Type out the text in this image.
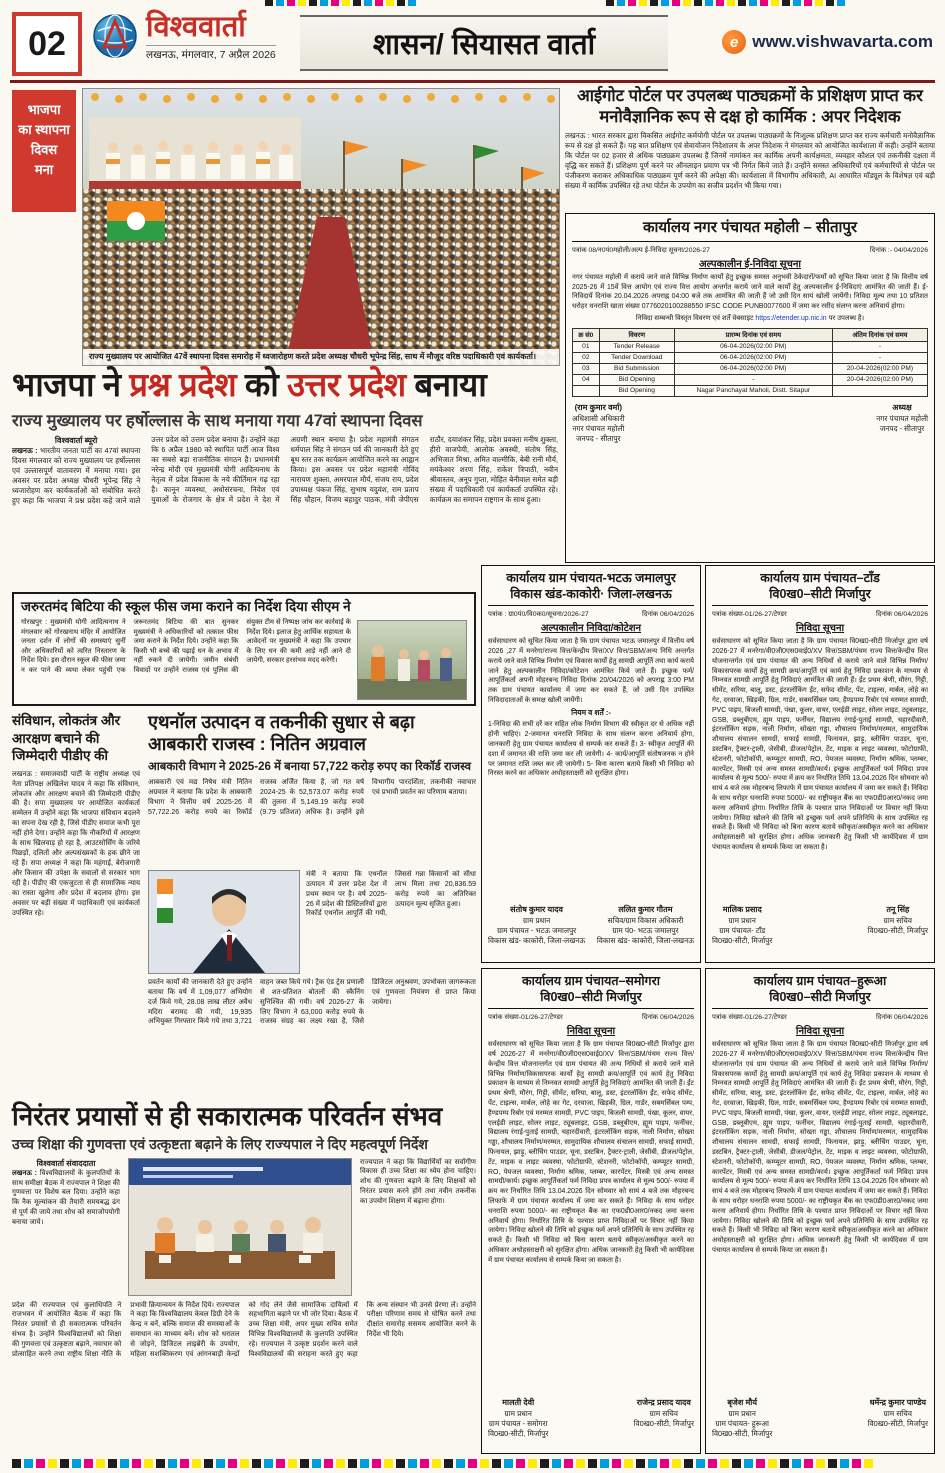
02	विश्ववार्ता
लखनऊ, मंगलवार, 7 अप्रैल 2026	शासन/ सियासत वार्ता	e www.vishwavarta.com
भाजपा
का स्थापना
दिवस
मना
राज्य मुख्यालय पर आयोजित 47वें स्थापना दिवस समारोह में ध्वजारोहण करते प्रदेश अध्यक्ष चौधरी भूपेन्द्र सिंह, साथ में मौजूद वरिष्ठ पदाधिकारी एवं कार्यकर्ता।
आईगोट पोर्टल पर उपलब्ध पाठ्यक्रमों के प्रशिक्षण प्राप्त कर मनोवैज्ञानिक रूप से दक्ष हो कार्मिक : अपर निदेशक
लखनऊ : भारत सरकार द्वारा विकसित आईगोट कर्मयोगी पोर्टल पर उपलब्ध पाठ्यक्रमों के निःशुल्क प्रशिक्षण प्राप्त कर राज्य कर्मचारी मनोवैज्ञानिक रूप से दक्ष हो सकते हैं। यह बात प्रशिक्षण एवं सेवायोजन निदेशालय के अपर निदेशक ने मंगलवार को आयोजित कार्यशाला में कही। उन्होंने बताया कि पोर्टल पर 02 हजार से अधिक पाठ्यक्रम उपलब्ध हैं जिनमें नामांकन कर कार्मिक अपनी कार्यक्षमता, व्यवहार कौशल एवं तकनीकी दक्षता में वृद्धि कर सकते हैं। प्रशिक्षण पूर्ण करने पर ऑनलाइन प्रमाण पत्र भी निर्गत किये जाते हैं। उन्होंने समस्त अधिकारियों एवं कर्मचारियों से पोर्टल पर पंजीकरण कराकर अधिकाधिक पाठ्यक्रम पूर्ण करने की अपेक्षा की। कार्यशाला में विभागीय अधिकारी, AI आधारित मॉड्यूल के विशेषज्ञ एवं बड़ी संख्या में कार्मिक उपस्थित रहे तथा पोर्टल के उपयोग का सजीव प्रदर्शन भी किया गया।
कार्यालय नगर पंचायत महोली – सीतापुर
पत्रांक 08/न0पं0महोली/अल्प ई-निविदा सूचना/2026-27	दिनांक :- 04/04/2026
अल्पकालीन ई-निविदा सूचना
नगर पंचायत महोली में कराये जाने वाले विभिन्न निर्माण कार्यों हेतु इच्छुक समस्त अनुभवी ठेकेदारों/फर्मों को सूचित किया जाता है कि वित्तीय वर्ष 2025-26 में 15वें वित्त आयोग एवं राज्य वित्त आयोग अन्तर्गत कराये जाने वाले कार्यों हेतु अल्पकालीन ई-निविदाएं आमंत्रित की जाती हैं। ई-निविदायें दिनांक 20.04.2026 अपराह्न 04:00 बजे तक आमंत्रित की जाती हैं जो उसी दिन सायं खोली जायेंगी। निविदा मूल्य तथा 10 प्रतिशत धरोहर धनराशि खाता संख्या 0776020100288550 IFSC CODE PUNB0077600 में जमा कर रसीद संलग्न करना अनिवार्य होगा।
निविदा सम्बन्धी विस्तृत विवरण एवं शर्तें वेबसाइट https://etender.up.nic.in पर उपलब्ध है।
क्र सं0	विवरण	प्रारम्भ दिनांक एवं समय	अंतिम दिनांक एवं समय
01	Tender Release	06-04-2026(02:00 PM)	-
02	Tender Download	06-04-2026(02:00 PM)	-
03	Bid Submission	06-04-2026(02:00 PM)	20-04-2026(02:00 PM)
04	Bid Opening	-	20-04-2026(02:00 PM)
	Bid Opening	Nagar Panchayat Maholi, Distt. Sitapur	
(राम कुमार वर्मा)
अधिशासी अधिकारी
नगर पंचायत महोली
जनपद - सीतापुर
अध्यक्ष
नगर पंचायत महोली
जनपद - सीतापुर
भाजपा ने प्रश्न प्रदेश को उत्तर प्रदेश बनाया
राज्य मुख्यालय पर हर्षोल्लास के साथ मनाया गया 47वां स्थापना दिवस
विश्ववार्ता ब्यूरो
लखनऊ : भारतीय जनता पार्टी का 47वां स्थापना दिवस मंगलवार को राज्य मुख्यालय पर हर्षोल्लास एवं उल्लासपूर्ण वातावरण में मनाया गया। इस अवसर पर प्रदेश अध्यक्ष चौधरी भूपेन्द्र सिंह ने ध्वजारोहण कर कार्यकर्ताओं को संबोधित करते हुए कहा कि भाजपा ने प्रश्न प्रदेश कहे जाने वाले उत्तर प्रदेश को उत्तम प्रदेश बनाया है। उन्होंने कहा कि 6 अप्रैल 1980 को स्थापित पार्टी आज विश्व का सबसे बड़ा राजनीतिक संगठन है। प्रधानमंत्री नरेन्द्र मोदी एवं मुख्यमंत्री योगी आदित्यनाथ के नेतृत्व में प्रदेश विकास के नये कीर्तिमान गढ़ रहा है। कानून व्यवस्था, अधोसंरचना, निवेश एवं युवाओं के रोजगार के क्षेत्र में प्रदेश ने देश में अग्रणी स्थान बनाया है। प्रदेश महामंत्री संगठन धर्मपाल सिंह ने संगठन पर्व की जानकारी देते हुए बूथ स्तर तक कार्यक्रम आयोजित करने का आह्वान किया। इस अवसर पर प्रदेश महामंत्री गोविंद नारायण शुक्ला, अमरपाल मौर्य, संजय राय, प्रदेश उपाध्यक्ष पंकज सिंह, सुभाष यदुवंश, राम प्रताप सिंह चौहान, विजय बहादुर पाठक, मंत्री जेपीएस राठौर, दयाशंकर सिंह, प्रदेश प्रवक्ता मनीष शुक्ला, हीरो वाजपेयी, आलोक अवस्थी, संतोष सिंह, अभिजात मिश्रा, अमित वाल्मीकि, बेबी रानी मौर्य, मयंकेश्वर शरण सिंह, राकेश त्रिपाठी, नवीन श्रीवास्तव, अनूप गुप्ता, मोहित बेनीवाल समेत बड़ी संख्या में पदाधिकारी एवं कार्यकर्ता उपस्थित रहे। कार्यक्रम का समापन राष्ट्रगान के साथ हुआ।
जरुरतमंद बिटिया की स्कूल फीस जमा कराने का निर्देश दिया सीएम ने
गोरखपुर : मुख्यमंत्री योगी आदित्यनाथ ने मंगलवार को गोरखनाथ मंदिर में आयोजित जनता दर्शन में लोगों की समस्याएं सुनीं और अधिकारियों को त्वरित निस्तारण के निर्देश दिये। इस दौरान स्कूल की फीस जमा न कर पाने की व्यथा लेकर पहुंची एक जरूरतमंद बिटिया की बात सुनकर मुख्यमंत्री ने अधिकारियों को तत्काल फीस जमा कराने के निर्देश दिये। उन्होंने कहा कि किसी भी बच्चे की पढ़ाई धन के अभाव में नहीं रुकने दी जायेगी। जमीन संबंधी विवादों पर उन्होंने राजस्व एवं पुलिस की संयुक्त टीम से निष्पक्ष जांच कर कार्रवाई के निर्देश दिये। इलाज हेतु आर्थिक सहायता के आवेदनों पर मुख्यमंत्री ने कहा कि उपचार के लिए धन की कमी आड़े नहीं आने दी जायेगी, सरकार हरसंभव मदद करेगी।
संविधान, लोकतंत्र और आरक्षण बचाने की जिम्मेदारी पीडीए की
लखनऊ : समाजवादी पार्टी के राष्ट्रीय अध्यक्ष एवं नेता प्रतिपक्ष अखिलेश यादव ने कहा कि संविधान, लोकतंत्र और आरक्षण बचाने की जिम्मेदारी पीडीए की है। सपा मुख्यालय पर आयोजित कार्यकर्ता सम्मेलन में उन्होंने कहा कि भाजपा संविधान बदलने का सपना देख रही है, जिसे पीडीए समाज कभी पूरा नहीं होने देगा। उन्होंने कहा कि नौकरियों में आरक्षण के साथ खिलवाड़ हो रहा है, आउटसोर्सिंग के जरिये पिछड़ों, दलितों और अल्पसंख्यकों के हक छीने जा रहे हैं। सपा अध्यक्ष ने कहा कि महंगाई, बेरोजगारी और किसान की उपेक्षा के सवालों से सरकार भाग रही है। पीडीए की एकजुटता से ही सामाजिक न्याय का रास्ता खुलेगा और प्रदेश में बदलाव होगा। इस अवसर पर बड़ी संख्या में पदाधिकारी एवं कार्यकर्ता उपस्थित रहे।
एथनॉल उत्पादन व तकनीकी सुधार से बढ़ा आबकारी राजस्व : नितिन अग्रवाल
आबकारी विभाग ने 2025-26 में बनाया 57,722 करोड़ रुपए का रिकॉर्ड राजस्व
आबकारी एवं मद्य निषेध मंत्री नितिन अग्रवाल ने बताया कि प्रदेश के आबकारी विभाग ने वित्तीय वर्ष 2025-26 में 57,722.26 करोड़ रुपये का रिकॉर्ड राजस्व अर्जित किया है, जो गत वर्ष 2024-25 के 52,573.07 करोड़ रुपये की तुलना में 5,149.19 करोड़ रुपये (9.79 प्रतिशत) अधिक है। उन्होंने इसे विभागीय पारदर्शिता, तकनीकी नवाचार एवं प्रभावी प्रवर्तन का परिणाम बताया।
मंत्री ने बताया कि एथनॉल उत्पादन में उत्तर प्रदेश देश में प्रथम स्थान पर है। वर्ष 2025-26 में प्रदेश की डिस्टिलरियों द्वारा रिकॉर्ड एथनॉल आपूर्ति की गयी, जिससे गन्ना किसानों को सीधा लाभ मिला तथा 20,836.59 करोड़ रुपये का अतिरिक्त उत्पादन मूल्य सृजित हुआ।
प्रवर्तन कार्यों की जानकारी देते हुए उन्होंने बताया कि वर्ष में 1,09,077 अभियोग दर्ज किये गये, 28.08 लाख लीटर अवैध मदिरा बरामद की गयी, 19,935 अभियुक्त गिरफ्तार किये गये तथा 3,721 वाहन जब्त किये गये। ट्रैक एंड ट्रेस प्रणाली से शत-प्रतिशत बोतलों की स्कैनिंग सुनिश्चित की गयी। वर्ष 2026-27 के लिए विभाग ने 63,000 करोड़ रुपये के राजस्व संग्रह का लक्ष्य रखा है, जिसे डिजिटल अनुश्रवण, उपभोक्ता जागरूकता एवं गुणवत्ता नियंत्रण से प्राप्त किया जायेगा।
निरंतर प्रयासों से ही सकारात्मक परिवर्तन संभव
उच्च शिक्षा की गुणवत्ता एवं उत्कृष्टता बढ़ाने के लिए राज्यपाल ने दिए महत्वपूर्ण निर्देश
विश्ववार्ता संवाददाता
लखनऊ : विश्वविद्यालयों के कुलपतियों के साथ समीक्षा बैठक में राज्यपाल ने शिक्षा की गुणवत्ता पर विशेष बल दिया। उन्होंने कहा कि नैक मूल्यांकन की तैयारी समयबद्ध ढंग से पूर्ण की जाये तथा शोध को समाजोपयोगी बनाया जाये।
राज्यपाल ने कहा कि विद्यार्थियों का सर्वांगीण विकास ही उच्च शिक्षा का ध्येय होना चाहिए। शोध की गुणवत्ता बढ़ाने के लिए शिक्षकों को निरंतर प्रयास करने होंगे तथा नवीन तकनीक का उपयोग शिक्षण में बढ़ाना होगा।
प्रदेश की राज्यपाल एवं कुलाधिपति ने राजभवन में आयोजित बैठक में कहा कि निरंतर प्रयासों से ही सकारात्मक परिवर्तन संभव है। उन्होंने विश्वविद्यालयों को शिक्षा की गुणवत्ता एवं उत्कृष्टता बढ़ाने, नवाचार को प्रोत्साहित करने तथा राष्ट्रीय शिक्षा नीति के प्रभावी क्रियान्वयन के निर्देश दिये। राज्यपाल ने कहा कि विश्वविद्यालय केवल डिग्री देने के केन्द्र न बनें, बल्कि समाज की समस्याओं के समाधान का माध्यम बनें। शोध को धरातल से जोड़ने, डिजिटल लाइब्रेरी के उपयोग, महिला सशक्तिकरण एवं आंगनबाड़ी केन्द्रों को गोद लेने जैसे सामाजिक दायित्वों में सहभागिता बढ़ाने पर भी जोर दिया। बैठक में उच्च शिक्षा मंत्री, अपर मुख्य सचिव समेत विभिन्न विश्वविद्यालयों के कुलपति उपस्थित रहे। राज्यपाल ने उत्कृष्ट प्रदर्शन करने वाले विश्वविद्यालयों की सराहना करते हुए कहा कि अन्य संस्थान भी उनसे प्रेरणा लें। उन्होंने परीक्षा परिणाम समय से घोषित करने तथा दीक्षांत समारोह ससमय आयोजित करने के निर्देश भी दिये।
कार्यालय ग्राम पंचायत-भटऊ जमालपुर
विकास खंड-काकोरी· जिला-लखनऊ
पत्रांक : ग्रा0पं0/वि0क0/सूचना/2026-27	दिनांक 06/04/2026
अल्पकालीन निविदा/कोटेशन
सर्वसाधारण को सूचित किया जाता है कि ग्राम पंचायत भटऊ जमालपुर में वित्तीय वर्ष 2026 ,27 में मनरेगा/राज्य वित्त/केन्द्रीय वित्त/XV वित्त/SBM/अन्य निधि अन्तर्गत कराये जाने वाले विभिन्न निर्माण एवं विकास कार्यों हेतु सामग्री आपूर्ति तथा कार्य कराये जाने हेतु अल्पकालीन निविदा/कोटेशन आमंत्रित किये जाते हैं। इच्छुक फर्म/आपूर्तिकर्ता अपनी मोहरबन्द निविदा दिनांक 20/04/2026 को अपराह्न 3:00 PM तक ग्राम पंचायत कार्यालय में जमा कर सकते हैं, जो उसी दिन उपस्थित निविदादाताओं के समक्ष खोली जायेंगी।
नियम व शर्तें :-
1-निविदा की सभी दरें कर सहित लोक निर्माण विभाग की स्वीकृत दर से अधिक नहीं होनी चाहिए। 2-जमानत धनराशि निविदा के साथ संलग्न करना अनिवार्य होगा, जानकारी हेतु ग्राम पंचायत कार्यालय से सम्पर्क कर सकते हैं। 3- स्वीकृत आपूर्ति की दशा में जमानत की राशि जमा कर ली जायेगी। 4- कार्य/आपूर्ति संतोषजनक न होने पर जमानत राशि जब्त कर ली जायेगी। 5- बिना कारण बताये किसी भी निविदा को निरस्त करने का अधिकार अधोहस्ताक्षरी को सुरक्षित होगा।
संतोष कुमार यादव
ग्राम प्रधान
ग्राम पंचायत - भटऊ जमालपुर
विकास खंड- काकोरी, जिला-लखनऊ
ललित कुमार गौतम
सचिव/ग्राम विकास अधिकारी
ग्राम पं0- भटऊ जमालपुर
विकास खंड- काकोरी, जिला-लखनऊ
कार्यालय ग्राम पंचायत–टाँड
वि0ख0–सीटी मिर्जापुर
पत्रांक संख्या-01/26-27/टेण्डर	दिनांक 06/04/2026
निविदा सूचना
सर्वसाधारण को सूचित किया जाता है कि ग्राम पंचायत वि0ख0-सीटी मिर्जापुर द्वारा वर्ष 2026-27 में मनरेगा/वी0जी0एस0वाई0/XV वित्त/SBM/पंचम राज्य वित्त/केन्द्रीय वित्त योजनान्तर्गत एवं ग्राम पंचायत की अन्य निधियों से कराये जाने वाले विभिन्न निर्माण/विकासपरक कार्यों हेतु सामग्री क्रय/आपूर्ति एवं कार्य हेतु निविदा प्रकाशन के माध्यम से निम्नवत सामग्री आपूर्ति हेतु निविदाएं आमंत्रित की जाती हैं। ईंट प्रथम श्रेणी, मौरंग, गिट्टी, सीमेंट, सरिया, बालू, डस्ट, इंटरलॉकिंग ईंट, सफेद सीमेंट, पेंट, टाइल्स, मार्बल, लोहे का गेट, दरवाजा, खिड़की, ग्रिल, गार्डर, सबमर्सिबल पम्प, हैण्डपम्प रिबोर एवं मरम्मत सामग्री, PVC पाइप, बिजली सामग्री, पंखा, कूलर, वायर, एलईडी लाइट, सोलर लाइट, ट्यूबलाइट, GSB, डब्लूबीएम, ह्यूम पाइप, फर्नीचर, विद्यालय रंगाई-पुताई सामग्री, चहारदीवारी, इंटरलॉकिंग सड़क, नाली निर्माण, सोख्ता गड्ढा, शौचालय निर्माण/मरम्मत, सामुदायिक शौचालय संचालन सामग्री, सफाई सामग्री, फिनायल, झाड़ू, ब्लीचिंग पाउडर, चूना, डस्टबिन, ट्रैक्टर-ट्राली, जेसीबी, डीजल/पेट्रोल, टेंट, माइक व लाइट व्यवस्था, फोटोग्राफी, स्टेशनरी, फोटोकॉपी, कम्प्यूटर सामग्री, RO, पेयजल व्यवस्था, निर्माण श्रमिक, प्लम्बर, कारपेंटर, मिस्त्री एवं अन्य समस्त सामग्री/कार्य। इच्छुक आपूर्तिकर्ता फर्म निविदा प्रपत्र कार्यालय से मूल्य 500/- रुपया में क्रय कर निर्धारित तिथि 13.04.2026 दिन सोमवार को सायं 4 बजे तक मोहरबन्द लिफाफे में ग्राम पंचायत कार्यालय में जमा कर सकते हैं। निविदा के साथ धरोहर धनराशि रुपया 5000/- का राष्ट्रीयकृत बैंक का एफ0डी0आर0/नकद जमा करना अनिवार्य होगा। निर्धारित तिथि के पश्चात प्राप्त निविदाओं पर विचार नहीं किया जायेगा। निविदा खोलने की तिथि को इच्छुक फर्म अपने प्रतिनिधि के साथ उपस्थित रह सकते हैं। किसी भी निविदा को बिना कारण बताये स्वीकृत/अस्वीकृत करने का अधिकार अधोहस्ताक्षरी को सुरक्षित होगा। अधिक जानकारी हेतु किसी भी कार्यदिवस में ग्राम पंचायत कार्यालय से सम्पर्क किया जा सकता है।
मालिक प्रसाद
ग्राम प्रधान
ग्राम पंचायत- टाँड
वि0ख0-सीटी, मिर्जापुर
तनू सिंह
ग्राम सचिव
वि0ख0-सीटी, मिर्जापुर
कार्यालय ग्राम पंचायत–समोगरा
वि0ख0–सीटी मिर्जापुर
पत्रांक संख्या-01/26-27/टेण्डर	दिनांक 06/04/2026
निविदा सूचना
सर्वसाधारण को सूचित किया जाता है कि ग्राम पंचायत वि0ख0-सीटी मिर्जापुर द्वारा वर्ष 2026-27 में मनरेगा/वी0जी0एस0वाई0/XV वित्त/SBM/पंचम राज्य वित्त/केन्द्रीय वित्त योजनान्तर्गत एवं ग्राम पंचायत की अन्य निधियों से कराये जाने वाले विभिन्न निर्माण/विकासपरक कार्यों हेतु सामग्री क्रय/आपूर्ति एवं कार्य हेतु निविदा प्रकाशन के माध्यम से निम्नवत सामग्री आपूर्ति हेतु निविदाएं आमंत्रित की जाती हैं। ईंट प्रथम श्रेणी, मौरंग, गिट्टी, सीमेंट, सरिया, बालू, डस्ट, इंटरलॉकिंग ईंट, सफेद सीमेंट, पेंट, टाइल्स, मार्बल, लोहे का गेट, दरवाजा, खिड़की, ग्रिल, गार्डर, सबमर्सिबल पम्प, हैण्डपम्प रिबोर एवं मरम्मत सामग्री, PVC पाइप, बिजली सामग्री, पंखा, कूलर, वायर, एलईडी लाइट, सोलर लाइट, ट्यूबलाइट, GSB, डब्लूबीएम, ह्यूम पाइप, फर्नीचर, विद्यालय रंगाई-पुताई सामग्री, चहारदीवारी, इंटरलॉकिंग सड़क, नाली निर्माण, सोख्ता गड्ढा, शौचालय निर्माण/मरम्मत, सामुदायिक शौचालय संचालन सामग्री, सफाई सामग्री, फिनायल, झाड़ू, ब्लीचिंग पाउडर, चूना, डस्टबिन, ट्रैक्टर-ट्राली, जेसीबी, डीजल/पेट्रोल, टेंट, माइक व लाइट व्यवस्था, फोटोग्राफी, स्टेशनरी, फोटोकॉपी, कम्प्यूटर सामग्री, RO, पेयजल व्यवस्था, निर्माण श्रमिक, प्लम्बर, कारपेंटर, मिस्त्री एवं अन्य समस्त सामग्री/कार्य। इच्छुक आपूर्तिकर्ता फर्म निविदा प्रपत्र कार्यालय से मूल्य 500/- रुपया में क्रय कर निर्धारित तिथि 13.04.2026 दिन सोमवार को सायं 4 बजे तक मोहरबन्द लिफाफे में ग्राम पंचायत कार्यालय में जमा कर सकते हैं। निविदा के साथ धरोहर धनराशि रुपया 5000/- का राष्ट्रीयकृत बैंक का एफ0डी0आर0/नकद जमा करना अनिवार्य होगा। निर्धारित तिथि के पश्चात प्राप्त निविदाओं पर विचार नहीं किया जायेगा। निविदा खोलने की तिथि को इच्छुक फर्म अपने प्रतिनिधि के साथ उपस्थित रह सकते हैं। किसी भी निविदा को बिना कारण बताये स्वीकृत/अस्वीकृत करने का अधिकार अधोहस्ताक्षरी को सुरक्षित होगा। अधिक जानकारी हेतु किसी भी कार्यदिवस में ग्राम पंचायत कार्यालय से सम्पर्क किया जा सकता है।
मालती देवी
ग्राम प्रधान
ग्राम पंचायत - समोगरा
वि0ख0-सीटी, मिर्जापुर
राजेन्द्र प्रसाद यादव
ग्राम सचिव
वि0ख0-सीटी, मिर्जापुर
कार्यालय ग्राम पंचायत–हुरूआ
वि0ख0–सीटी मिर्जापुर
पत्रांक संख्या-01/26-27/टेण्डर	दिनांक 06/04/2026
निविदा सूचना
सर्वसाधारण को सूचित किया जाता है कि ग्राम पंचायत वि0ख0-सीटी मिर्जापुर द्वारा वर्ष 2026-27 में मनरेगा/वी0जी0एस0वाई0/XV वित्त/SBM/पंचम राज्य वित्त/केन्द्रीय वित्त योजनान्तर्गत एवं ग्राम पंचायत की अन्य निधियों से कराये जाने वाले विभिन्न निर्माण/विकासपरक कार्यों हेतु सामग्री क्रय/आपूर्ति एवं कार्य हेतु निविदा प्रकाशन के माध्यम से निम्नवत सामग्री आपूर्ति हेतु निविदाएं आमंत्रित की जाती हैं। ईंट प्रथम श्रेणी, मौरंग, गिट्टी, सीमेंट, सरिया, बालू, डस्ट, इंटरलॉकिंग ईंट, सफेद सीमेंट, पेंट, टाइल्स, मार्बल, लोहे का गेट, दरवाजा, खिड़की, ग्रिल, गार्डर, सबमर्सिबल पम्प, हैण्डपम्प रिबोर एवं मरम्मत सामग्री, PVC पाइप, बिजली सामग्री, पंखा, कूलर, वायर, एलईडी लाइट, सोलर लाइट, ट्यूबलाइट, GSB, डब्लूबीएम, ह्यूम पाइप, फर्नीचर, विद्यालय रंगाई-पुताई सामग्री, चहारदीवारी, इंटरलॉकिंग सड़क, नाली निर्माण, सोख्ता गड्ढा, शौचालय निर्माण/मरम्मत, सामुदायिक शौचालय संचालन सामग्री, सफाई सामग्री, फिनायल, झाड़ू, ब्लीचिंग पाउडर, चूना, डस्टबिन, ट्रैक्टर-ट्राली, जेसीबी, डीजल/पेट्रोल, टेंट, माइक व लाइट व्यवस्था, फोटोग्राफी, स्टेशनरी, फोटोकॉपी, कम्प्यूटर सामग्री, RO, पेयजल व्यवस्था, निर्माण श्रमिक, प्लम्बर, कारपेंटर, मिस्त्री एवं अन्य समस्त सामग्री/कार्य। इच्छुक आपूर्तिकर्ता फर्म निविदा प्रपत्र कार्यालय से मूल्य 500/- रुपया में क्रय कर निर्धारित तिथि 13.04.2026 दिन सोमवार को सायं 4 बजे तक मोहरबन्द लिफाफे में ग्राम पंचायत कार्यालय में जमा कर सकते हैं। निविदा के साथ धरोहर धनराशि रुपया 5000/- का राष्ट्रीयकृत बैंक का एफ0डी0आर0/नकद जमा करना अनिवार्य होगा। निर्धारित तिथि के पश्चात प्राप्त निविदाओं पर विचार नहीं किया जायेगा। निविदा खोलने की तिथि को इच्छुक फर्म अपने प्रतिनिधि के साथ उपस्थित रह सकते हैं। किसी भी निविदा को बिना कारण बताये स्वीकृत/अस्वीकृत करने का अधिकार अधोहस्ताक्षरी को सुरक्षित होगा। अधिक जानकारी हेतु किसी भी कार्यदिवस में ग्राम पंचायत कार्यालय से सम्पर्क किया जा सकता है।
बृजेश मौर्य
ग्राम प्रधान
ग्राम पंचायत- हुरूआ
वि0ख0-सीटी, मिर्जापुर
धर्मेन्द्र कुमार पाण्डेय
ग्राम सचिव
वि0ख0-सीटी, मिर्जापुर
